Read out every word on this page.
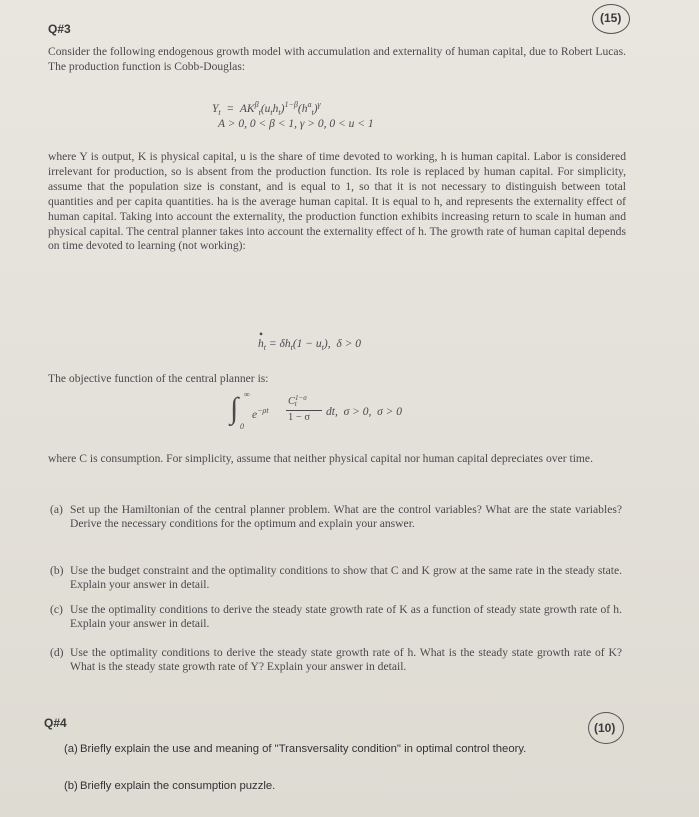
Q#3
(15)

Consider the following endogenous growth model with accumulation and externality of human capital, due to Robert Lucas. The production function is Cobb-Douglas:

$Y_t = AK^\beta_t(u_th_t)^{1-\beta}(h^a_t)^\gamma$
A > 0, 0 < β < 1, γ > 0, 0 < u < 1

where Y is output, K is physical capital, u is the share of time devoted to working, h is human capital. Labor is considered irrelevant for production, so is absent from the production function. Its role is replaced by human capital. For simplicity, assume that the population size is constant, and is equal to 1, so that it is not necessary to distinguish between total quantities and per capita quantities. ha is the average human capital. It is equal to h, and represents the externality effect of human capital. Taking into account the externality, the production function exhibits increasing return to scale in human and physical capital. The central planner takes into account the externality effect of h. The growth rate of human capital depends on time devoted to learning (not working):

h
•
$_t = \delta h_t(1 - u_t)$,  δ > 0
The objective function of the central planner is:
∫ ∞
0
$e^{-\rho t}$
$C^{1-\sigma}t$
1 − σ dt,  σ > 0,  σ > 0

where C is consumption. For simplicity, assume that neither physical capital nor human capital depreciates over time.

(a) Set up the Hamiltonian of the central planner problem. What are the control variables? What are the state variables? Derive the necessary conditions for the optimum and explain your answer.
(b) Use the budget constraint and the optimality conditions to show that C and K grow at the same rate in the steady state. Explain your answer in detail.
(c) Use the optimality conditions to derive the steady state growth rate of K as a function of steady state growth rate of h. Explain your answer in detail.
(d) Use the optimality conditions to derive the steady state growth rate of h. What is the steady state growth rate of K? What is the steady state growth rate of Y? Explain your answer in detail.
Q#4	(10)
(a) Briefly explain the use and meaning of "Transversality condition" in optimal control theory.
(b) Briefly explain the consumption puzzle.
